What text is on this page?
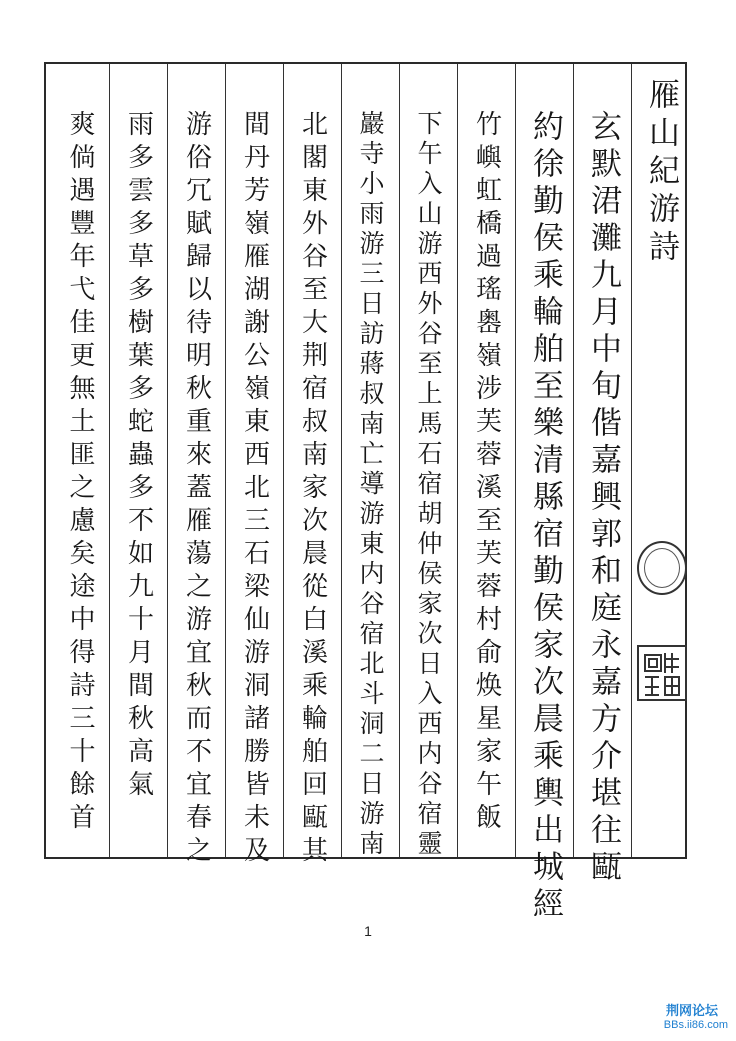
雁山紀游詩
玄默涒灘九月中旬偕嘉興郭和庭永嘉方介堪往甌
約徐勤侯乘輪舶至樂清縣宿勤侯家次晨乘輿出城經
竹嶼虹橋過瑤嶴嶺涉芙蓉溪至芙蓉村俞焕星家午飯
下午入山游西外谷至上馬石宿胡仲侯家次日入西内谷宿靈
巖寺小雨游三日訪蔣叔南亡導游東内谷宿北斗洞二日游南
北閣東外谷至大荆宿叔南家次晨從白溪乘輪舶回甌其
間丹芳嶺雁湖謝公嶺東西北三石梁仙游洞諸勝皆未及
游俗冗賦歸以待明秋重來蓋雁蕩之游宜秋而不宜春之
雨多雲多草多樹葉多蛇蟲多不如九十月間秋高氣
爽倘遇豐年弋佳更無土匪之慮矣途中得詩三十餘首
1
荆网论坛
BBs.ii86.com
